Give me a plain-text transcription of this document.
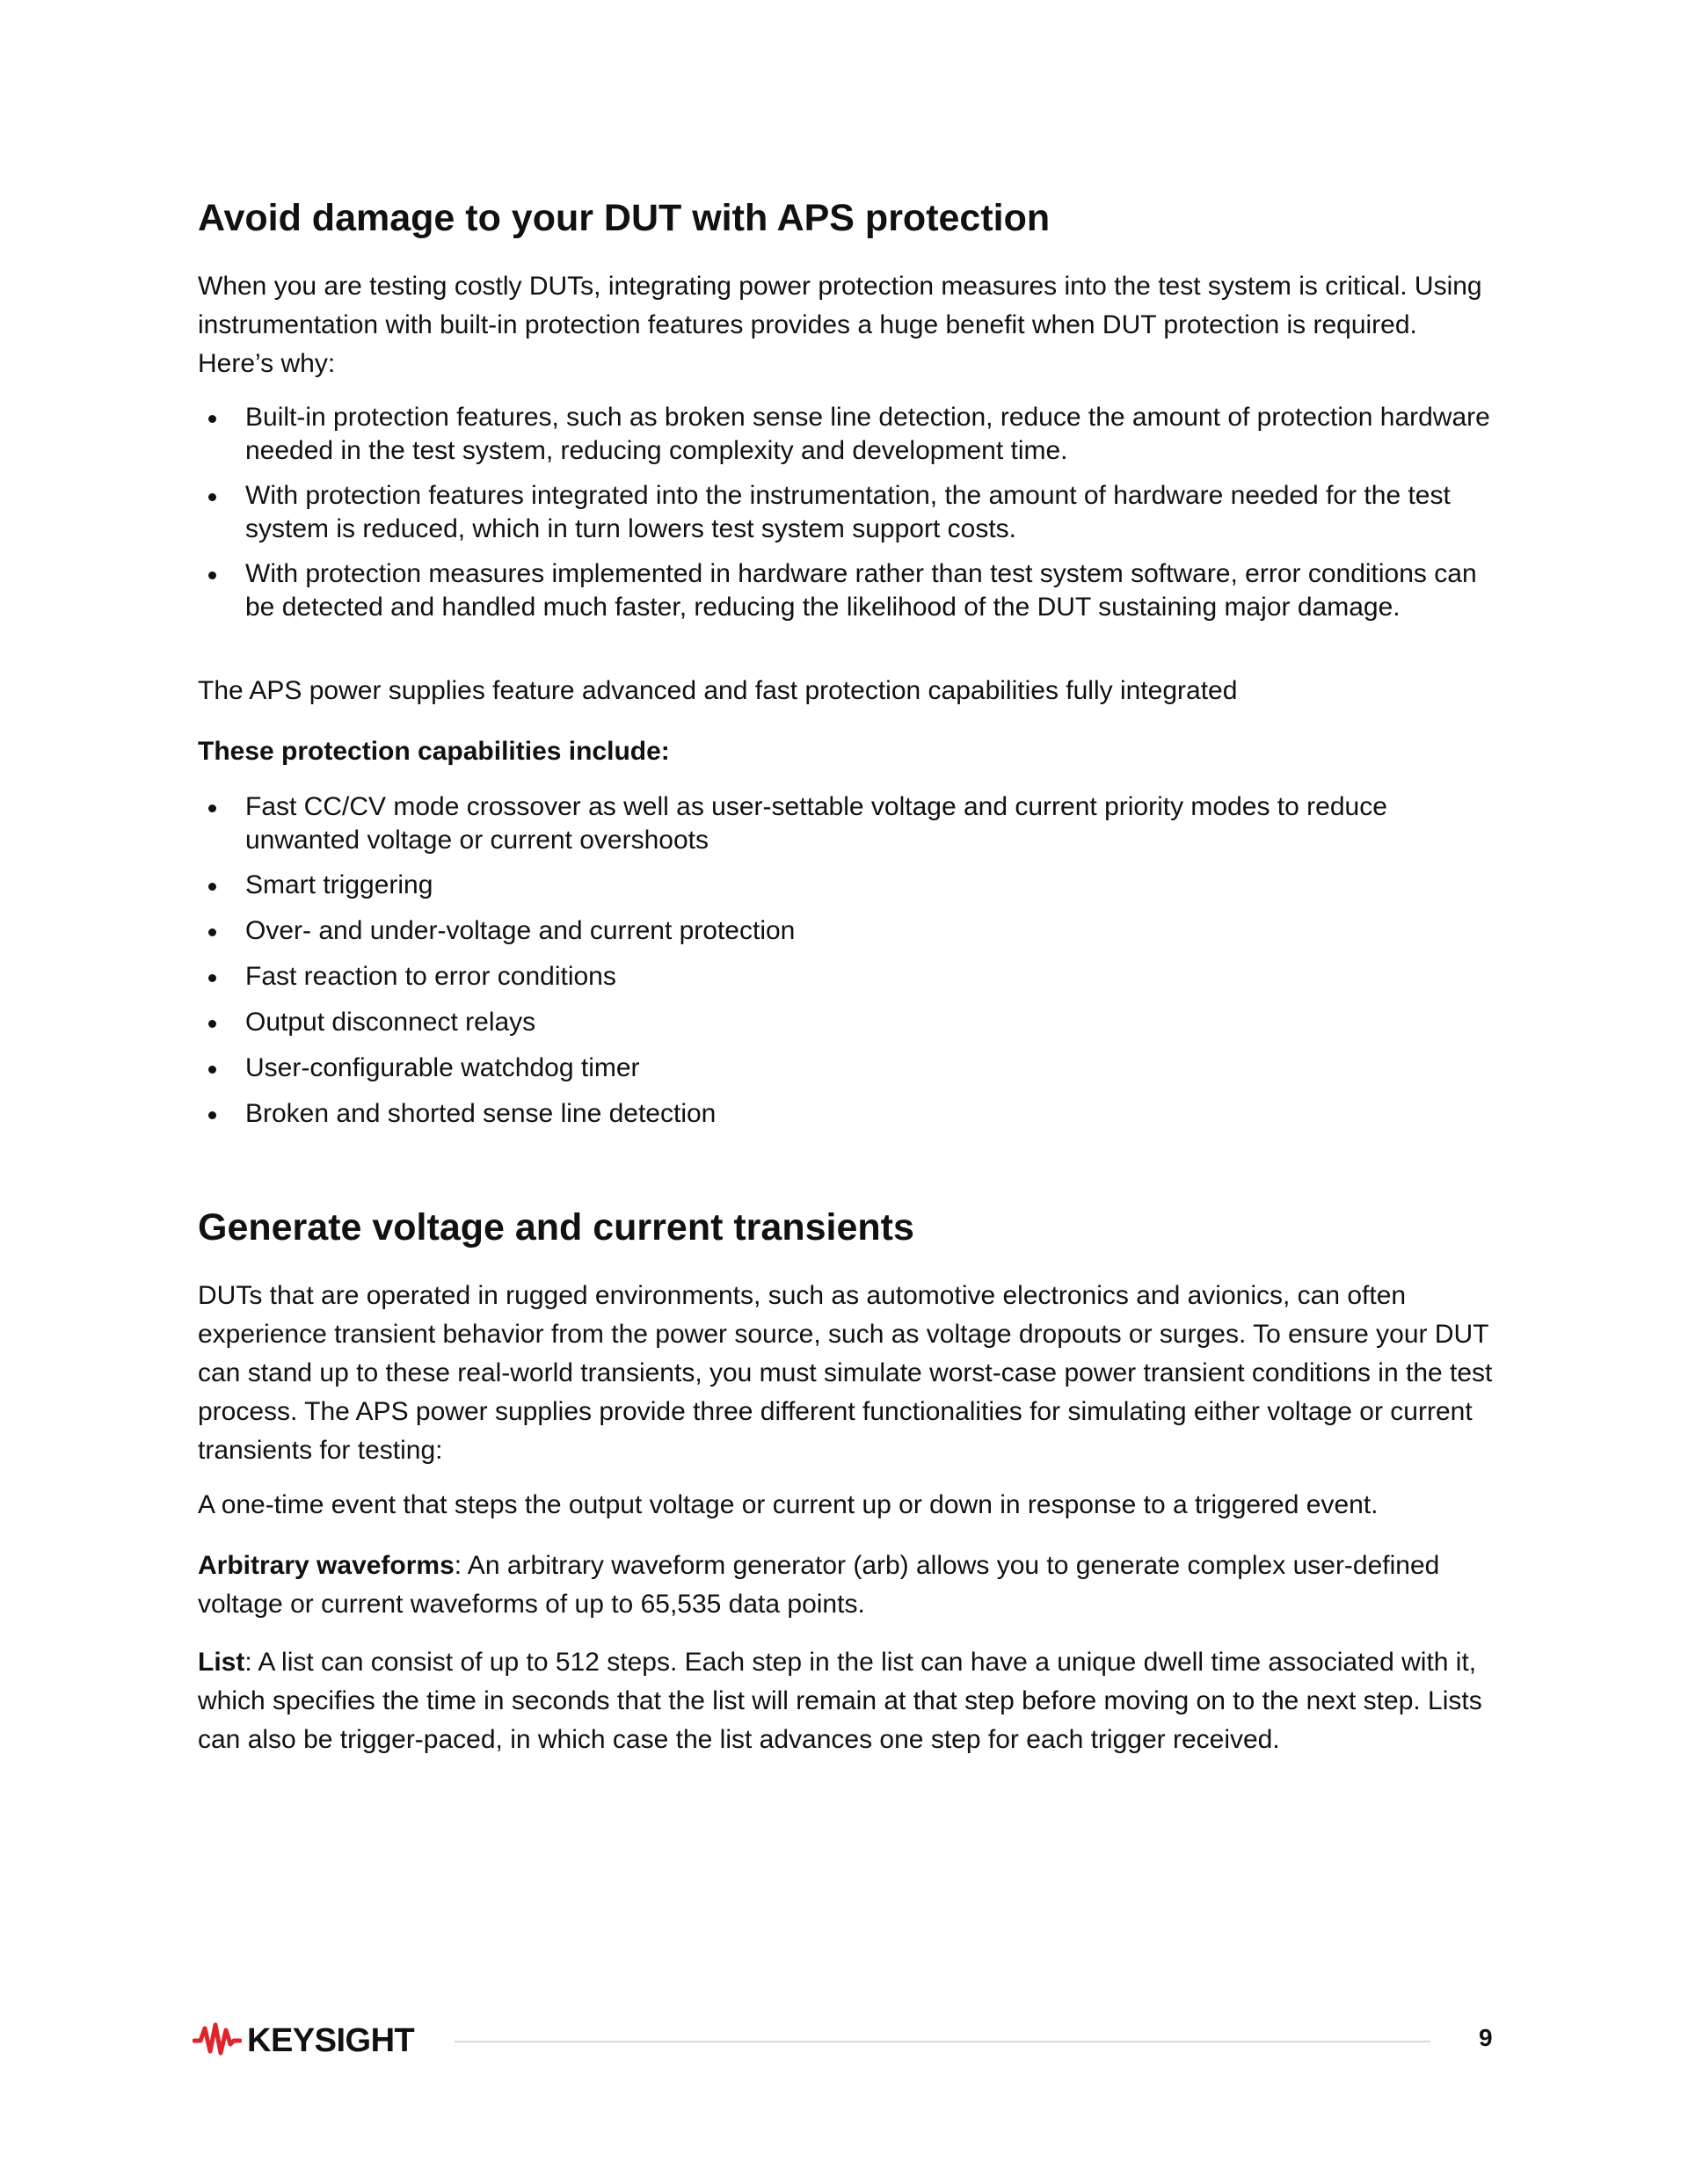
Avoid damage to your DUT with APS protection

When you are testing costly DUTs, integrating power protection measures into the test system is critical. Using instrumentation with built-in protection features provides a huge benefit when DUT protection is required. Here’s why:

Built-in protection features, such as broken sense line detection, reduce the amount of protection hardware needed in the test system, reducing complexity and development time.
With protection features integrated into the instrumentation, the amount of hardware needed for the test system is reduced, which in turn lowers test system support costs.
With protection measures implemented in hardware rather than test system software, error conditions can be detected and handled much faster, reducing the likelihood of the DUT sustaining major damage.

The APS power supplies feature advanced and fast protection capabilities fully integrated

These protection capabilities include:

Fast CC/CV mode crossover as well as user-settable voltage and current priority modes to reduce unwanted voltage or current overshoots
Smart triggering
Over- and under-voltage and current protection
Fast reaction to error conditions
Output disconnect relays
User-configurable watchdog timer
Broken and shorted sense line detection
Generate voltage and current transients

DUTs that are operated in rugged environments, such as automotive electronics and avionics, can often experience transient behavior from the power source, such as voltage dropouts or surges. To ensure your DUT can stand up to these real-world transients, you must simulate worst-case power transient conditions in the test process. The APS power supplies provide three different functionalities for simulating either voltage or current transients for testing:

A one-time event that steps the output voltage or current up or down in response to a triggered event.

Arbitrary waveforms: An arbitrary waveform generator (arb) allows you to generate complex user-defined voltage or current waveforms of up to 65,535 data points.

List: A list can consist of up to 512 steps. Each step in the list can have a unique dwell time associated with it, which specifies the time in seconds that the list will remain at that step before moving on to the next step. Lists can also be trigger-paced, in which case the list advances one step for each trigger received.

KEYSIGHT	9
